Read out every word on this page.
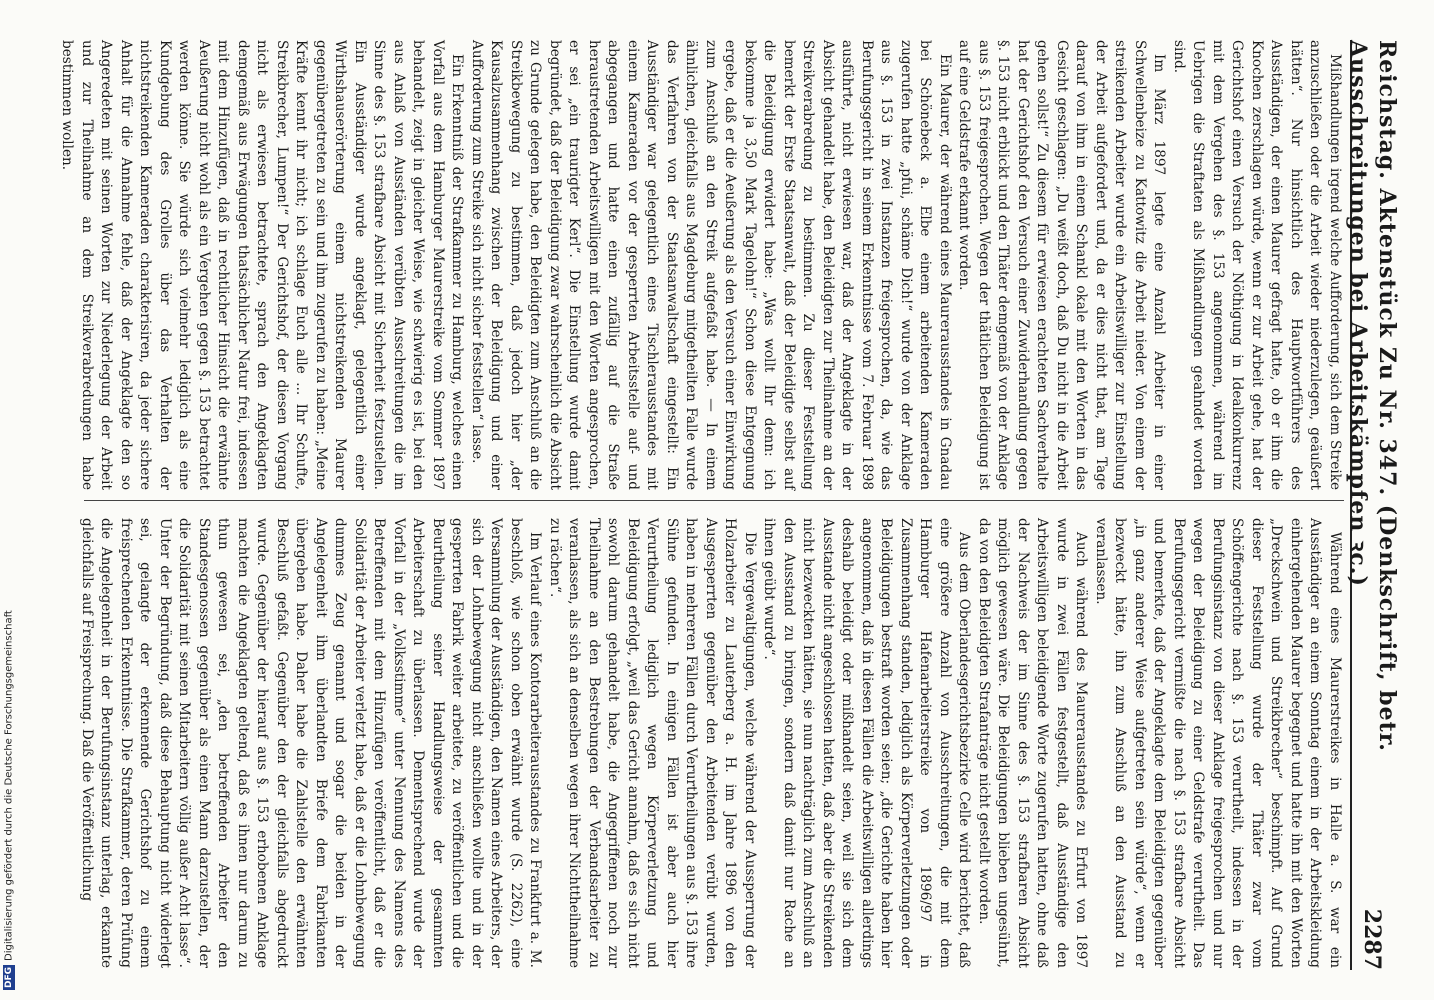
Reichstag. Aktenstück Zu Nr. 347. (Denkschrift, betr. Ausschreitungen bei Arbeitskämpfen ꝛc.)
2287

Mißhandlungen irgend welche Aufforderung, sich dem Streike anzuschließen oder die Arbeit wieder niederzulegen, geäußert hätten“. Nur hinsichtlich des Hauptwortführers des Ausständigen, der einen Maurer gefragt hatte, ob er ihm die Knochen zerschlagen würde, wenn er zur Arbeit gehe, hat der Gerichtshof einen Versuch der Nöthigung in Idealkonkurrenz mit dem Vergehen des §. 153 angenommen, während im Uebrigen die Straftaten als Mißhandlungen geahndet worden sind.

Im März 1897 legte eine Anzahl Arbeiter in einer Schwellenbeize zu Kattowitz die Arbeit nieder. Von einem der streikenden Arbeiter wurde ein Arbeitswilliger zur Einstellung der Arbeit aufgefordert und, da er dies nicht that, am Tage darauf von ihm in einem Schankl okale mit den Worten in das Gesicht geschlagen: „Du weißt doch, daß Du nicht in die Arbeit gehen sollst!“ Zu diesem für erwiesen erachteten Sachverhalte hat der Gerichtshof den Versuch einer Zuwiderhandlung gegen §. 153 nicht erblickt und den Thäter demgemäß von der Anklage aus §. 153 freigesprochen. Wegen der thätlichen Beleidigung ist auf eine Geldstrafe erkannt worden.

Ein Maurer, der während eines Maurerausstandes in Gnadau bei Schönebeck a. Elbe einem arbeitenden Kameraden zugerufen hatte „pfui, schäme Dich!“ wurde von der Anklage aus §. 153 in zwei Instanzen freigesprochen, da, wie das Berufungsgericht in seinem Erkenntnisse vom 7. Februar 1898 ausführte, nicht erwiesen war, daß der Angeklagte in der Absicht gehandelt habe, den Beleidigten zur Theilnahme an der Streikverabredung zu bestimmen. Zu dieser Feststellung bemerkt der Erste Staatsanwalt, daß der Beleidigte selbst auf die Beleidigung erwidert habe: „Was wollt Ihr denn: ich bekomme ja 3,50 Mark Tagelohn!“ Schon diese Entgegnung ergebe, daß er die Aeußerung als den Versuch einer Einwirkung zum Anschluß an den Streik aufgefaßt habe. — In einem ähnlichen, gleichfalls aus Magdeburg mitgetheilten Falle wurde das Verfahren von der Staatsanwaltschaft eingestellt: Ein Ausständiger war gelegentlich eines Tischlerausstandes mit einem Kameraden vor der gesperrten Arbeitsstelle auf- und abgegangen und hatte einen zufällig auf die Straße heraustretenden Arbeitswilligen mit den Worten angesprochen, er sei „ein traurigter Kerl“. Die Einstellung wurde damit begründet, daß der Beleidigung zwar wahrscheinlich die Absicht zu Grunde gelegen habe, den Beleidigten zum Anschluß an die Streikbewegung zu bestimmen, daß jedoch hier „der Kausalzusammenhang zwischen der Beleidigung und einer Aufforderung zum Streike sich nicht sicher feststellen“ lasse.

Ein Erkenntniß der Strafkammer zu Hamburg, welches einen Vorfall aus dem Hamburger Maurerstreike vom Sommer 1897 behandelt, zeigt in gleicher Weise, wie schwierig es ist, bei den aus Anlaß von Ausständen verübten Ausschreitungen die im Sinne des §. 153 strafbare Absicht mit Sicherheit festzustellen. Ein Ausständiger wurde angeklagt, gelegentlich einer Wirthshauserörterung einem nichtstreikenden Maurer gegenübergetreten zu sein und ihm zugerufen zu haben: „Meine Kräfte kennt ihr nicht; ich schlage Euch alle ... Ihr Schufte, Streikbrecher, Lumpen!“ Der Gerichtshof, der diesen Vorgang nicht als erwiesen betrachtete, sprach den Angeklagten demgemäß aus Erwägungen thatsächlicher Natur frei, indessen mit dem Hinzufügen, daß in rechtlicher Hinsicht die erwähnte Aeußerung nicht wohl als ein Vergehen gegen §. 153 betrachtet werden könne. Sie würde sich vielmehr lediglich als eine Kundgebung des Grolles über das Verhalten der nichtstreikenden Kameraden charakterisiren, da jeder sichere Anhalt für die Annahme fehle, daß der Angeklagte den so Angeredeten mit seinen Worten zur Niederlegung der Arbeit und zur Theilnahme an dem Streikverabredungen habe bestimmen wollen.

Während eines Maurerstreikes in Halle a. S. war ein Ausständiger an einem Sonntag einem in der Arbeitskleidung einhergehenden Maurer begegnet und hatte ihn mit den Worten „Dreckschwein und Streikbrecher“ beschimpft. Auf Grund dieser Feststellung wurde der Thäter zwar vom Schöffengerichte nach §. 153 verurtheilt, indessen in der Berufungsinstanz von dieser Anklage freigesprochen und nur wegen der Beleidigung zu einer Geldstrafe verurtheilt. Das Berufungsgericht vermißte die nach §. 153 strafbare Absicht und bemerkte, daß der Angeklagte dem Beleidigten gegenüber „in ganz anderer Weise aufgetreten sein würde“, wenn er bezweckt hätte, ihn zum Anschluß an den Ausstand zu veranlassen.

Auch während des Maurerausstandes zu Erfurt von 1897 wurde in zwei Fällen festgestellt, daß Ausständige den Arbeitswilligen beleidigende Worte zugerufen hatten, ohne daß der Nachweis der im Sinne des §. 153 strafbaren Absicht möglich gewesen wäre. Die Beleidigungen blieben ungesühnt, da von den Beleidigten Strafanträge nicht gestellt worden.

Aus dem Oberlandesgerichtsbezirke Celle wird berichtet, daß eine größere Anzahl von Ausschreitungen, die mit dem Hamburger Hafenarbeiterstreike von 1896/97 in Zusammenhang standen, lediglich als Körperverletzungen oder Beleidigungen bestraft worden seien; „die Gerichte haben hier angenommen, daß in diesen Fällen die Arbeitswilligen allerdings deshalb beleidigt oder mißhandelt seien, weil sie sich dem Ausstande nicht angeschlossen hatten, daß aber die Streikenden nicht bezweckten hätten, sie nun nachträglich zum Anschluß an den Ausstand zu bringen, sondern daß damit nur Rache an ihnen geübt wurde“.

Die Vergewaltigungen, welche während der Aussperrung der Holzarbeiter zu Lauterberg a. H. im Jahre 1896 von den Ausgesperrten gegenüber den Arbeitenden verübt wurden, haben in mehreren Fällen durch Verurtheilungen aus §. 153 ihre Sühne gefunden. In einigen Fällen ist aber auch hier Verurtheilung lediglich wegen Körperverletzung und Beleidigung erfolgt, „weil das Gericht annahm, daß es sich nicht sowohl darum gehandelt habe, die Angegriffenen noch zur Theilnahme an den Bestrebungen der Verbandsarbeiter zu veranlassen, als sich an denselben wegen ihrer Nichttheilnahme zu rächen“.

Im Verlauf eines Kontorarbeiterausstandes zu Frankfurt a. M. beschloß, wie schon oben erwähnt wurde (S. 2262), eine Versammlung der Ausständigen, den Namen eines Arbeiters, der sich der Lohnbewegung nicht anschließen wollte und in der gesperrten Fabrik weiter arbeitete, zu veröffentlichen und die Beurtheilung seiner Handlungsweise der gesammten Arbeiterschaft zu überlassen. Dementsprechend wurde der Vorfall in der „Volksstimme“ unter Nennung des Namens des Betreffenden mit dem Hinzufügen veröffentlicht, daß er die Solidarität der Arbeiter verletzt habe, daß er die Lohnbewegung dummes Zeug genannt und sogar die beiden in der Angelegenheit ihm überlandten Briefe dem Fabrikanten übergeben habe. Daher habe die Zahlstelle den erwähnten Beschluß gefaßt. Gegenüber den der gleichfalls abgedruckt wurde. Gegenüber der hierauf aus §. 153 erhobenen Anklage machten die Angeklagten geltend, daß es ihnen nur darum zu thun gewesen sei, „den betreffenden Arbeiter den Standesgenossen gegenüber als einen Mann darzustellen, der die Solidarität mit seinen Mitarbeitern völlig außer Acht lasse“. Unter der Begründung, daß diese Behauptung nicht widerlegt sei, gelangte der erkennende Gerichtshof zu einem freisprechenden Erkenntnisse. Die Strafkammer, deren Prüfung die Angelegenheit in der Berufungsinstanz unterlag, erkannte gleichfalls auf Freisprechung. Daß die Veröffentlichung

DFG
Digitalisierung gefördert durch die Deutsche Forschungsgemeinschaft
